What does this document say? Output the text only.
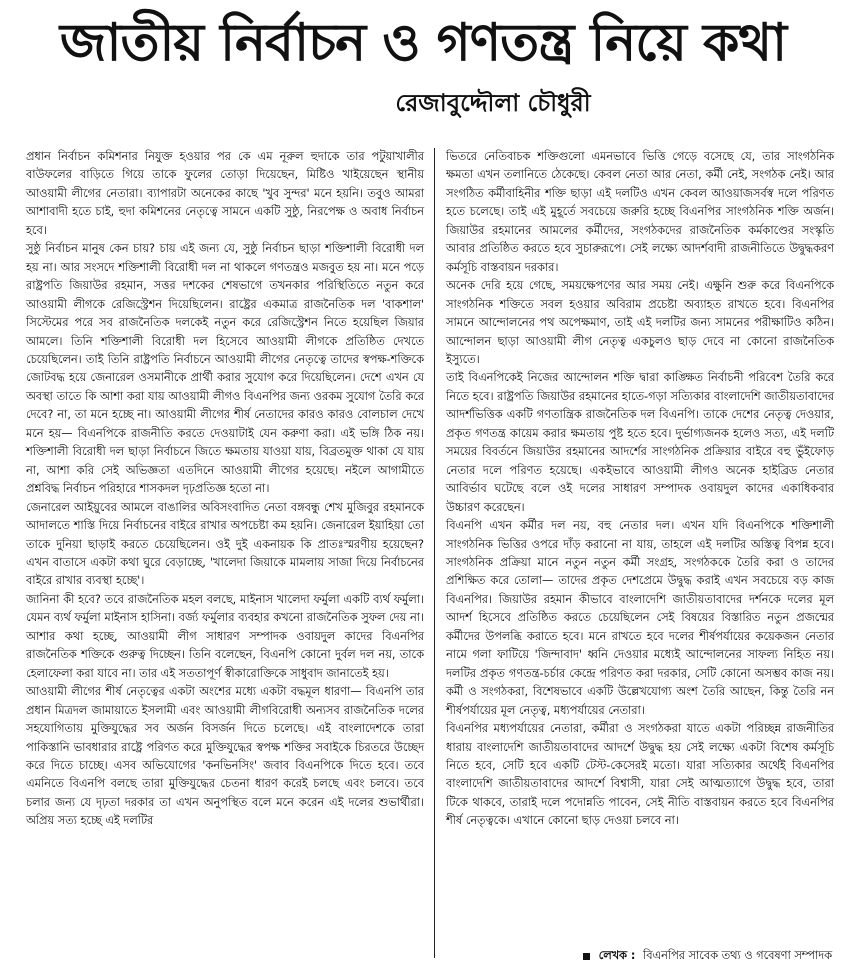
জাতীয় নির্বাচন ও গণতন্ত্র নিয়ে কথা
রেজাবুদ্দৌলা চৌধুরী

প্রধান নির্বাচন কমিশনার নিযুক্ত হওয়ার পর কে এম নূরুল হুদাকে তার পটুয়াখালীর বাউফলের বাড়িতে গিয়ে তাকে ফুলের তোড়া দিয়েছেন, মিষ্টিও খাইয়েছেন স্থানীয় আওয়ামী লীগের নেতারা। ব্যাপারটা অনেকের কাছে 'খুব সুন্দর' মনে হয়নি। তবুও আমরা আশাবাদী হতে চাই, হুদা কমিশনের নেতৃত্বে সামনে একটি সুষ্ঠু, নিরপেক্ষ ও অবাধ নির্বাচন হবে।

সুষ্ঠু নির্বাচন মানুষ কেন চায়? চায় এই জন্য যে, সুষ্ঠু নির্বাচন ছাড়া শক্তিশালী বিরোধী দল হয় না। আর সংসদে শক্তিশালী বিরোধী দল না থাকলে গণতন্ত্রও মজবুত হয় না। মনে পড়ে রাষ্ট্রপতি জিয়াউর রহমান, সত্তর দশকের শেষভাগে তখনকার পরিস্থিতিতে নতুন করে আওয়ামী লীগকে রেজিস্ট্রেশন দিয়েছিলেন। রাষ্ট্রের একমাত্র রাজনৈতিক দল 'বাকশাল' সিস্টেমের পরে সব রাজনৈতিক দলকেই নতুন করে রেজিস্ট্রেশন নিতে হয়েছিল জিয়ার আমলে। তিনি শক্তিশালী বিরোধী দল হিসেবে আওয়ামী লীগকে প্রতিষ্ঠিত দেখতে চেয়েছিলেন। তাই তিনি রাষ্ট্রপতি নির্বাচনে আওয়ামী লীগের নেতৃত্বে তাদের স্বপক্ষ-শক্তিকে জোটবদ্ধ হয়ে জেনারেল ওসমানীকে প্রার্থী করার সুযোগ করে দিয়েছিলেন। দেশে এখন যে অবস্থা তাতে কি আশা করা যায় আওয়ামী লীগও বিএনপির জন্য ওরকম সুযোগ তৈরি করে দেবে? না, তা মনে হচ্ছে না। আওয়ামী লীগের শীর্ষ নেতাদের কারও কারও বোলচাল দেখে মনে হয়— বিএনপিকে রাজনীতি করতে দেওয়াটাই যেন করুণা করা। এই ভঙ্গি ঠিক নয়। শক্তিশালী বিরোধী দল ছাড়া নির্বাচনে জিতে ক্ষমতায় যাওয়া যায়, বিব্রতমুক্ত থাকা যে যায় না, আশা করি সেই অভিজ্ঞতা এতদিনে আওয়ামী লীগের হয়েছে। নইলে আগামীতে প্রশ্নবিদ্ধ নির্বাচন পরিহারে শাসকদল দৃঢ়প্রতিজ্ঞ হতো না।

জেনারেল আইয়ুবের আমলে বাঙালির অবিসংবাদিত নেতা বঙ্গবন্ধু শেখ মুজিবুর রহমানকে আদালতে শাস্তি দিয়ে নির্বাচনের বাইরে রাখার অপচেষ্টা কম হয়নি। জেনারেল ইয়াহিয়া তো তাকে দুনিয়া ছাড়াই করতে চেয়েছিলেন। ওই দুই একনায়ক কি প্রাতঃস্মরণীয় হয়েছেন? এখন বাতাসে একটা কথা ঘুরে বেড়াচ্ছে, 'খালেদা জিয়াকে মামলায় সাজা দিয়ে নির্বাচনের বাইরে রাখার ব্যবস্থা হচ্ছে'।

জানিনা কী হবে? তবে রাজনৈতিক মহল বলছে, মাইনাস খালেদা ফর্মুলা একটি ব্যর্থ ফর্মুলা। যেমন ব্যর্থ ফর্মুলা মাইনাস হাসিনা। বর্জ্য ফর্মুলার ব্যবহার কখনো রাজনৈতিক সুফল দেয় না। আশার কথা হচ্ছে, আওয়ামী লীগ সাধারণ সম্পাদক ওবায়দুল কাদের বিএনপির রাজনৈতিক শক্তিকে গুরুত্ব দিচ্ছেন। তিনি বলেছেন, বিএনপি কোনো দুর্বল দল নয়, তাকে হেলাফেলা করা যাবে না। তার এই সততাপূর্ণ স্বীকারোক্তিকে সাধুবাদ জানাতেই হয়।

আওয়ামী লীগের শীর্ষ নেতৃত্বের একটা অংশের মধ্যে একটা বদ্ধমূল ধারণা— বিএনপি তার প্রধান মিত্রদল জামায়াতে ইসলামী এবং আওয়ামী লীগবিরোধী অন্যসব রাজনৈতিক দলের সহযোগিতায় মুক্তিযুদ্ধের সব অর্জন বিসর্জন দিতে চলেছে। এই বাংলাদেশকে তারা পাকিস্তানি ভাবধারার রাষ্ট্রে পরিণত করে মুক্তিযুদ্ধের স্বপক্ষ শক্তির সবাইকে চিরতরে উচ্ছেদ করে দিতে চাচ্ছে। এসব অভিযোগের 'কনভিনসিং' জবাব বিএনপিকে দিতে হবে। তবে এমনিতে বিএনপি বলছে তারা মুক্তিযুদ্ধের চেতনা ধারণ করেই চলছে এবং চলবে। তবে চলার জন্য যে দৃঢ়তা দরকার তা এখন অনুপস্থিত বলে মনে করেন এই দলের শুভার্থীরা। অপ্রিয় সত্য হচ্ছে এই দলটির

ভিতরে নেতিবাচক শক্তিগুলো এমনভাবে ভিত্তি গেড়ে বসেছে যে, তার সাংগঠনিক ক্ষমতা এখন তলানিতে ঠেকেছে। কেবল নেতা আর নেতা, কর্মী নেই, সংগঠক নেই। আর সংগঠিত কর্মীবাহিনীর শক্তি ছাড়া এই দলটিও এখন কেবল আওয়াজসর্বস্ব দলে পরিণত হতে চলেছে। তাই এই মুহূর্তে সবচেয়ে জরুরি হচ্ছে বিএনপির সাংগঠনিক শক্তি অর্জন। জিয়াউর রহমানের আমলের কর্মীদের, সংগঠকদের রাজনৈতিক কর্মকাণ্ডের সংস্কৃতি আবার প্রতিষ্ঠিত করতে হবে সুচারুরূপে। সেই লক্ষ্যে আদর্শবাদী রাজনীতিতে উদ্বুদ্ধকরণ কর্মসূচি বাস্তবায়ন দরকার।

অনেক দেরি হয়ে গেছে, সময়ক্ষেপণের আর সময় নেই। এক্ষুনি শুরু করে বিএনপিকে সাংগঠনিক শক্তিতে সবল হওয়ার অবিরাম প্রচেষ্টা অব্যাহত রাখতে হবে। বিএনপির সামনে আন্দোলনের পথ অপেক্ষমাণ, তাই এই দলটির জন্য সামনের পরীক্ষাটিও কঠিন। আন্দোলন ছাড়া আওয়ামী লীগ নেতৃত্ব একচুলও ছাড় দেবে না কোনো রাজনৈতিক ইস্যুতে।

তাই বিএনপিকেই নিজের আন্দোলন শক্তি দ্বারা কাঙ্ক্ষিত নির্বাচনী পরিবেশ তৈরি করে নিতে হবে। রাষ্ট্রপতি জিয়াউর রহমানের হাতে-গড়া সত্যিকার বাংলাদেশি জাতীয়তাবাদের আদর্শভিত্তিক একটি গণতান্ত্রিক রাজনৈতিক দল বিএনপি। তাকে দেশের নেতৃত্ব দেওয়ার, প্রকৃত গণতন্ত্র কায়েম করার ক্ষমতায় পুষ্ট হতে হবে। দুর্ভাগ্যজনক হলেও সত্য, এই দলটি সময়ের বিবর্তনে জিয়াউর রহমানের আদর্শের সাংগঠনিক প্রক্রিয়ার বাইরে বহু ভুঁইফোড় নেতার দলে পরিণত হয়েছে। একইভাবে আওয়ামী লীগও অনেক হাইব্রিড নেতার আবির্ভাব ঘটেছে বলে ওই দলের সাধারণ সম্পাদক ওবায়দুল কাদের একাধিকবার উচ্চারণ করেছেন।

বিএনপি এখন কর্মীর দল নয়, বহু নেতার দল। এখন যদি বিএনপিকে শক্তিশালী সাংগঠনিক ভিত্তির ওপরে দাঁড় করানো না যায়, তাহলে এই দলটির অস্তিত্ব বিপন্ন হবে। সাংগঠনিক প্রক্রিয়া মানে নতুন নতুন কর্মী সংগ্রহ, সংগঠককে তৈরি করা ও তাদের প্রশিক্ষিত করে তোলা— তাদের প্রকৃত দেশপ্রেমে উদ্বুদ্ধ করাই এখন সবচেয়ে বড় কাজ বিএনপির। জিয়াউর রহমান কীভাবে বাংলাদেশি জাতীয়তাবাদের দর্শনকে দলের মূল আদর্শ হিসেবে প্রতিষ্ঠিত করতে চেয়েছিলেন সেই বিষয়ের বিস্তারিত নতুন প্রজন্মের কর্মীদের উপলব্ধি করাতে হবে। মনে রাখতে হবে দলের শীর্ষপর্যায়ের কয়েকজন নেতার নামে গলা ফাটিয়ে 'জিন্দাবাদ' ধ্বনি দেওয়ার মধ্যেই আন্দোলনের সাফল্য নিহিত নয়। দলটির প্রকৃত গণতন্ত্র-চর্চার কেন্দ্রে পরিণত করা দরকার, সেটি কোনো অসম্ভব কাজ নয়। কর্মী ও সংগঠকরা, বিশেষভাবে একটি উল্লেখযোগ্য অংশ তৈরি আছেন, কিন্তু তৈরি নন শীর্ষপর্যায়ের মূল নেতৃত্ব, মধ্যপর্যায়ের নেতারা।

বিএনপির মধ্যপর্যায়ের নেতারা, কর্মীরা ও সংগঠকরা যাতে একটা পরিচ্ছন্ন রাজনীতির ধারায় বাংলাদেশি জাতীয়তাবাদের আদর্শে উদ্বুদ্ধ হয় সেই লক্ষ্যে একটা বিশেষ কর্মসূচি নিতে হবে, সেটি হবে একটি টেস্ট-কেসেরই মতো। যারা সত্যিকার অর্থেই বিএনপির বাংলাদেশি জাতীয়তাবাদের আদর্শে বিশ্বাসী, যারা সেই আত্মত্যাগে উদ্বুদ্ধ হবে, তারা টিকে থাকবে, তারাই দলে পদোন্নতি পাবেন, সেই নীতি বাস্তবায়ন করতে হবে বিএনপির শীর্ষ নেতৃত্বকে। এখানে কোনো ছাড় দেওয়া চলবে না।

লেখক : বিএনপির সাবেক তথ্য ও গবেষণা সম্পাদক
